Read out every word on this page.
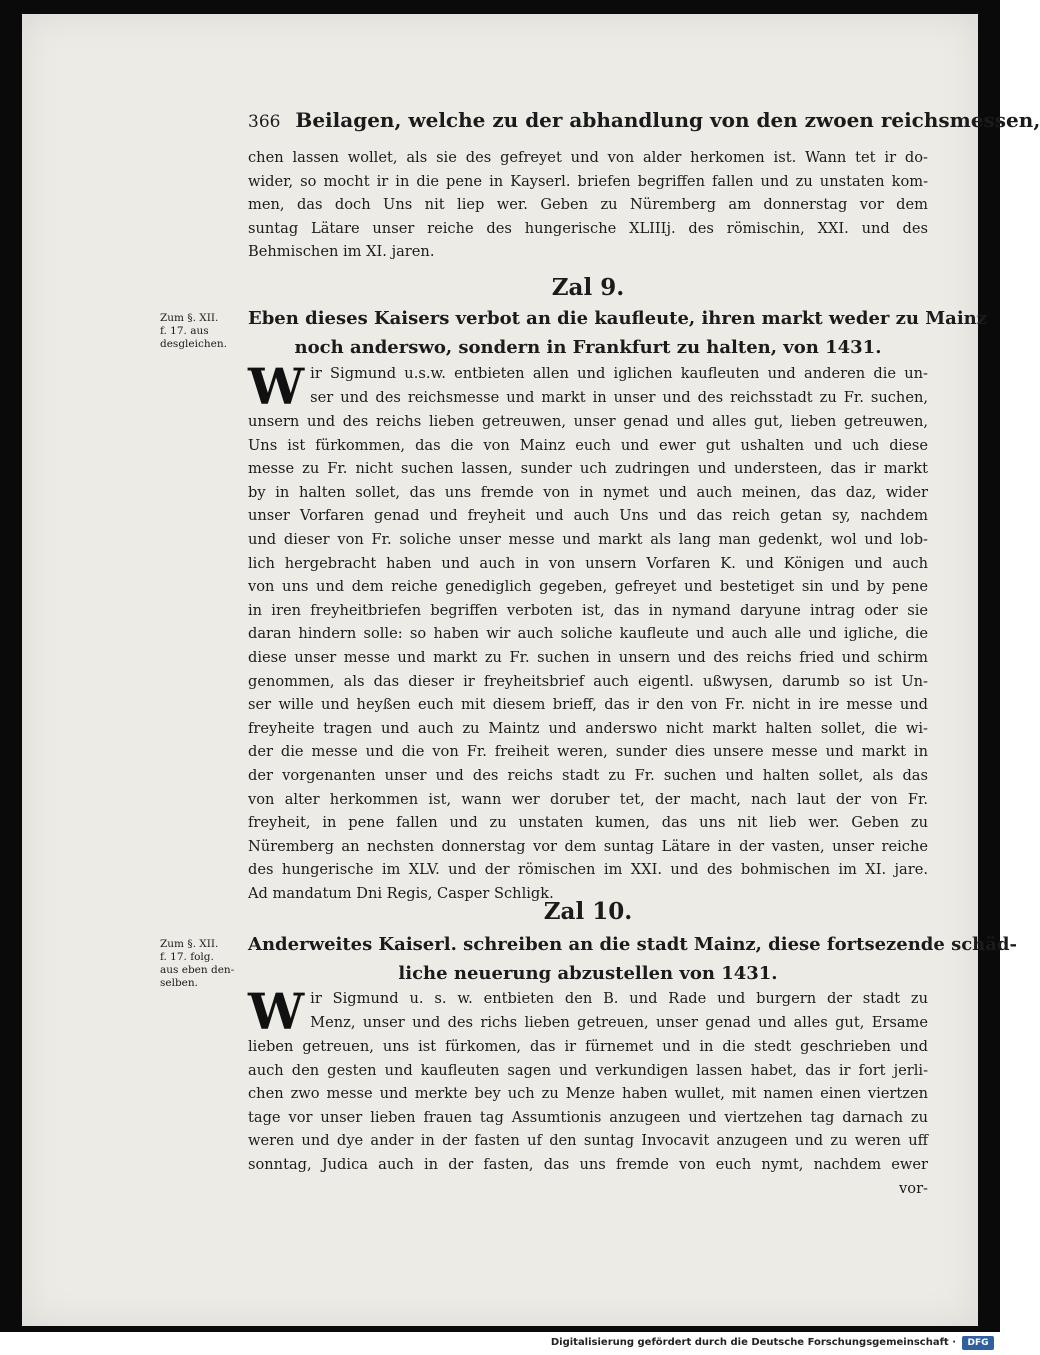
366 Beilagen, welche zu der abhandlung von den zwoen reichsmessen,
chen lassen wollet, als sie des gefreyet und von alder herkomen ist. Wann tet ir do-
wider, so mocht ir in die pene in Kayserl. briefen begriffen fallen und zu unstaten kom-
men, das doch Uns nit liep wer. Geben zu Nüremberg am donnerstag vor dem
suntag Lätare unser reiche des hungerische XLIIIj. des römischin, XXI. und des
Behmischen im XI. jaren.
Zal 9.
Zum §. XII.
f. 17. aus
desgleichen.
Eben dieses Kaisers verbot an die kaufleute, ihren markt weder zu Mainz
noch anderswo, sondern in Frankfurt zu halten, von 1431.
W ir Sigmund u.s.w. entbieten allen und iglichen kaufleuten und anderen die un-
ser und des reichsmesse und markt in unser und des reichsstadt zu Fr. suchen,
unsern und des reichs lieben getreuwen, unser genad und alles gut, lieben getreuwen,
Uns ist fürkommen, das die von Mainz euch und ewer gut ushalten und uch diese
messe zu Fr. nicht suchen lassen, sunder uch zudringen und understeen, das ir markt
by in halten sollet, das uns fremde von in nymet und auch meinen, das daz, wider
unser Vorfaren genad und freyheit und auch Uns und das reich getan sy, nachdem
und dieser von Fr. soliche unser messe und markt als lang man gedenkt, wol und lob-
lich hergebracht haben und auch in von unsern Vorfaren K. und Königen und auch
von uns und dem reiche genediglich gegeben, gefreyet und bestetiget sin und by pene
in iren freyheitbriefen begriffen verboten ist, das in nymand daryune intrag oder sie
daran hindern solle: so haben wir auch soliche kaufleute und auch alle und igliche, die
diese unser messe und markt zu Fr. suchen in unsern und des reichs fried und schirm
genommen, als das dieser ir freyheitsbrief auch eigentl. ußwysen, darumb so ist Un-
ser wille und heyßen euch mit diesem brieff, das ir den von Fr. nicht in ire messe und
freyheite tragen und auch zu Maintz und anderswo nicht markt halten sollet, die wi-
der die messe und die von Fr. freiheit weren, sunder dies unsere messe und markt in
der vorgenanten unser und des reichs stadt zu Fr. suchen und halten sollet, als das
von alter herkommen ist, wann wer doruber tet, der macht, nach laut der von Fr.
freyheit, in pene fallen und zu unstaten kumen, das uns nit lieb wer. Geben zu
Nüremberg an nechsten donnerstag vor dem suntag Lätare in der vasten, unser reiche
des hungerische im XLV. und der römischen im XXI. und des bohmischen im XI. jare.
Ad mandatum Dni Regis, Casper Schligk.
Zal 10.
Zum §. XII.
f. 17. folg.
aus eben den-
selben.
Anderweites Kaiserl. schreiben an die stadt Mainz, diese fortsezende schäd-
liche neuerung abzustellen von 1431.
W ir Sigmund u. s. w. entbieten den B. und Rade und burgern der stadt zu
Menz, unser und des richs lieben getreuen, unser genad und alles gut, Ersame
lieben getreuen, uns ist fürkomen, das ir fürnemet und in die stedt geschrieben und
auch den gesten und kaufleuten sagen und verkundigen lassen habet, das ir fort jerli-
chen zwo messe und merkte bey uch zu Menze haben wullet, mit namen einen viertzen
tage vor unser lieben frauen tag Assumtionis anzugeen und viertzehen tag darnach zu
weren und dye ander in der fasten uf den suntag Invocavit anzugeen und zu weren uff
sonntag, Judica auch in der fasten, das uns fremde von euch nymt, nachdem ewer
vor-
Digitalisierung gefördert durch die Deutsche Forschungsgemeinschaft ·	DFG
